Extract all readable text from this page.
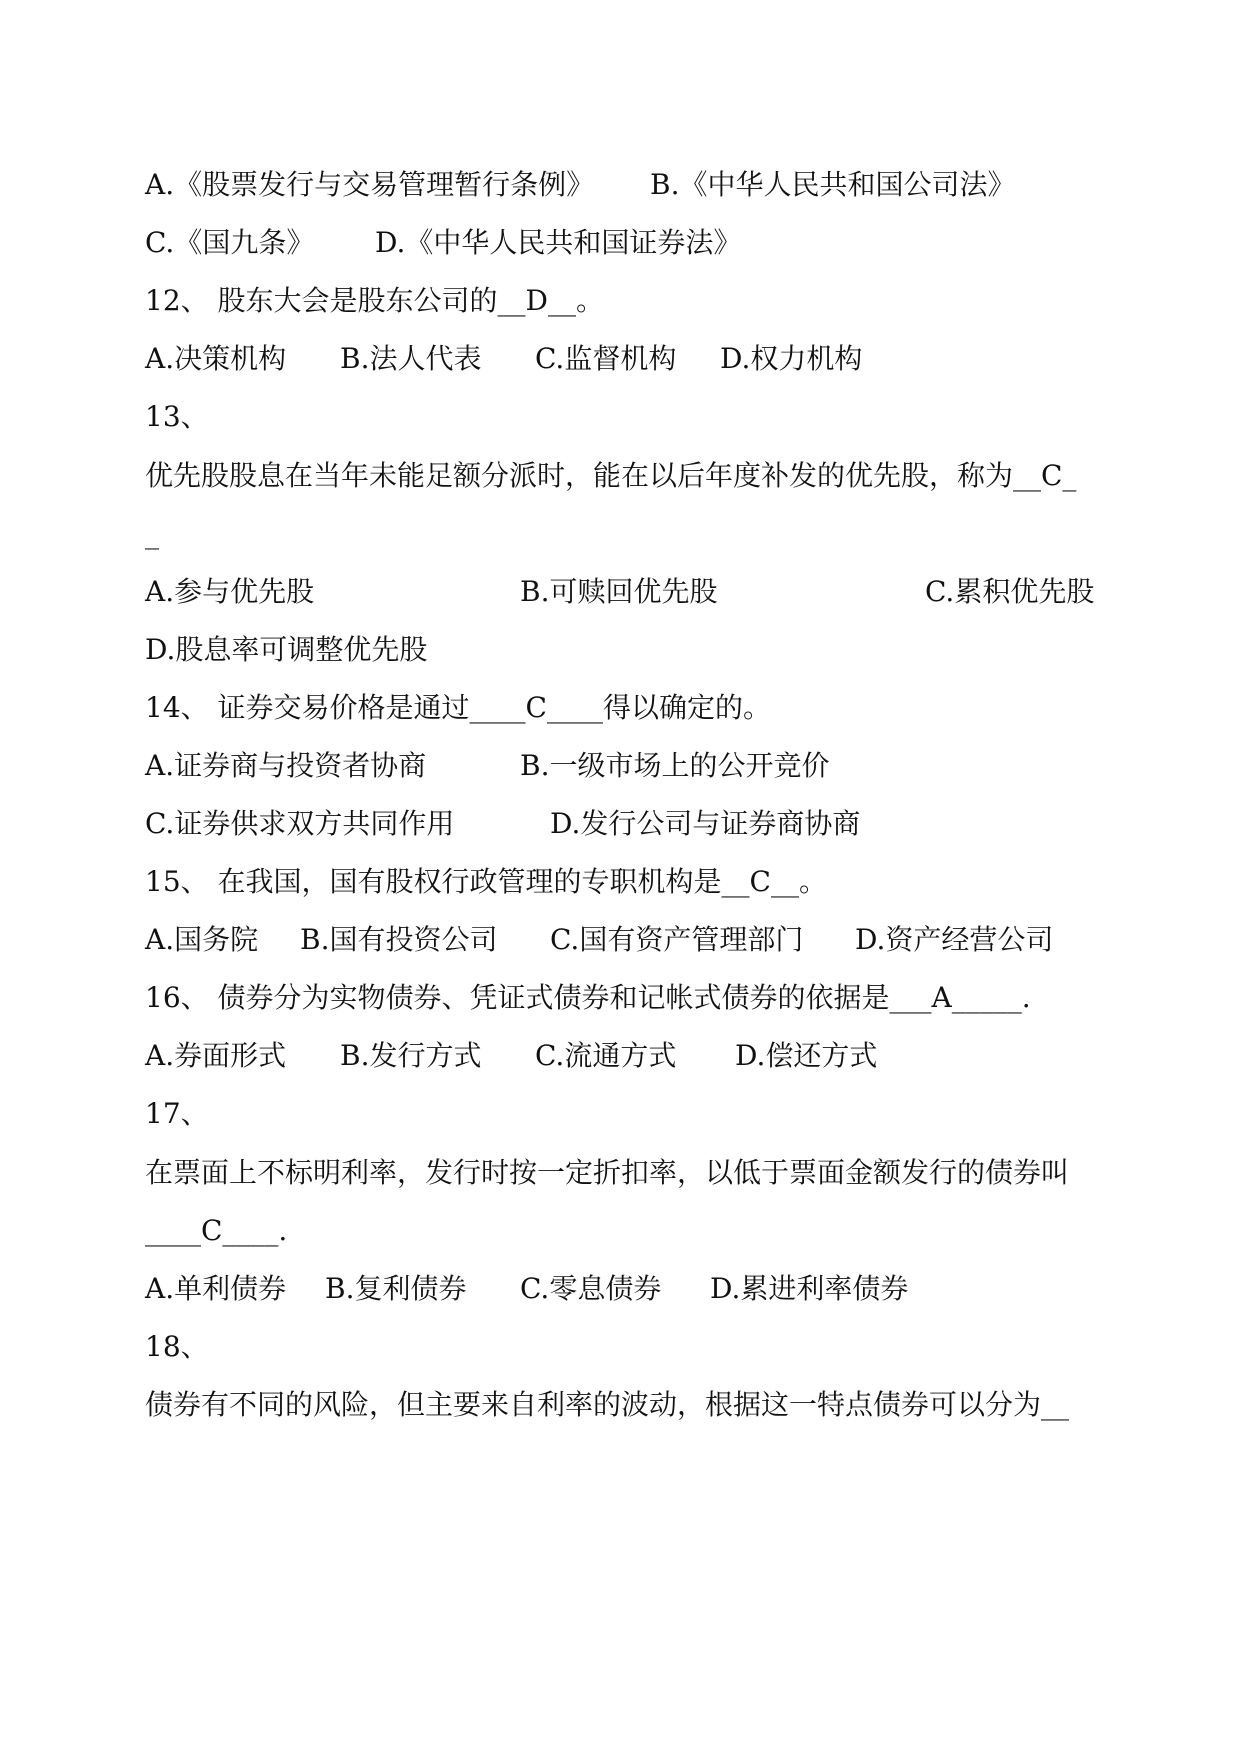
A.《股票发行与交易管理暂行条例》 B.《中华人民共和国公司法》
C.《国九条》 D.《中华人民共和国证券法》
12、 股东大会是股东公司的__D__。
A.决策机构 B.法人代表 C.监督机构 D.权力机构
13、
优先股股息在当年未能足额分派时，能在以后年度补发的优先股，称为__C_
_
A.参与优先股	B.可赎回优先股	C.累积优先股
D.股息率可调整优先股
14、 证券交易价格是通过____C____得以确定的。
A.证券商与投资者协商	B.一级市场上的公开竞价
C.证券供求双方共同作用	D.发行公司与证券商协商
15、 在我国，国有股权行政管理的专职机构是__C__。
A.国务院 B.国有投资公司 C.国有资产管理部门 D.资产经营公司
16、 债券分为实物债券、凭证式债券和记帐式债券的依据是___A_____.
A.券面形式 B.发行方式 C.流通方式 D.偿还方式
17、
在票面上不标明利率，发行时按一定折扣率，以低于票面金额发行的债券叫
____C____.
A.单利债券 B.复利债券 C.零息债券 D.累进利率债券
18、
债券有不同的风险，但主要来自利率的波动，根据这一特点债券可以分为__
